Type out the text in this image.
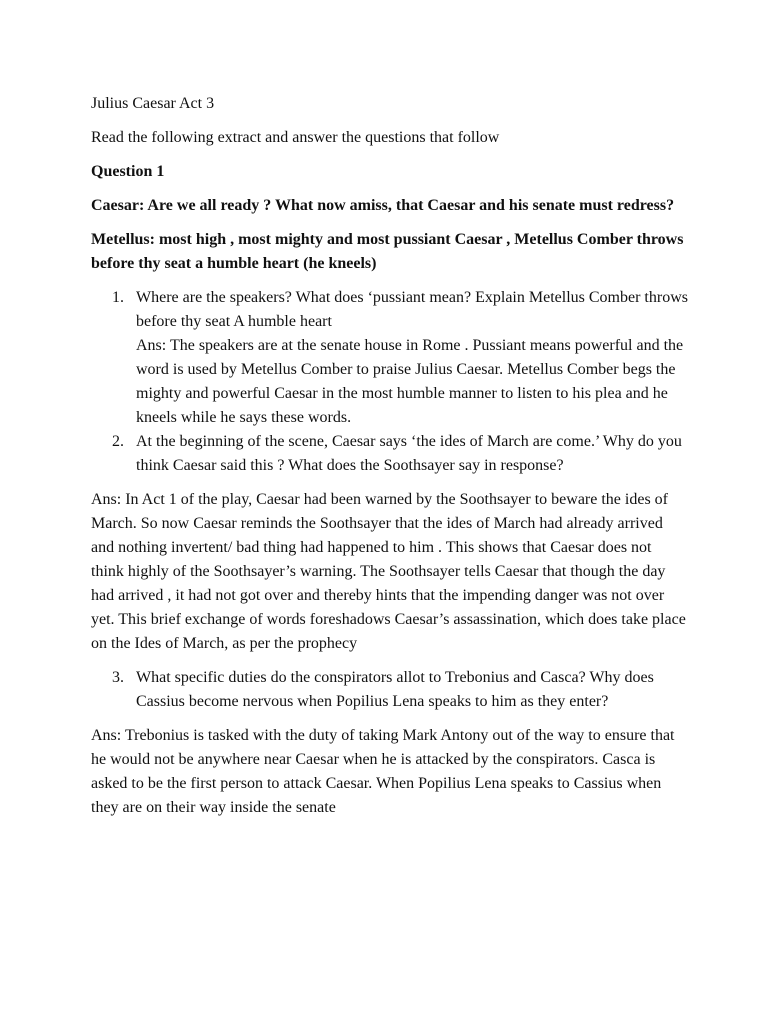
Julius Caesar Act 3

Read the following extract and answer the questions that follow

Question 1

Caesar: Are we all ready ? What now amiss, that Caesar and his senate must redress?

Metellus: most high , most mighty and most pussiant Caesar , Metellus Comber throws before thy seat a humble heart (he kneels)

1. Where are the speakers? What does ‘pussiant mean? Explain Metellus Comber throws before thy seat A humble heart
Ans: The speakers are at the senate house in Rome . Pussiant means powerful and the word is used by Metellus Comber to praise Julius Caesar. Metellus Comber begs the mighty and powerful Caesar in the most humble manner to listen to his plea and he kneels while he says these words.
2. At the beginning of the scene, Caesar says ‘the ides of March are come.’ Why do you think Caesar said this ? What does the Soothsayer say in response?

Ans: In Act 1 of the play, Caesar had been warned by the Soothsayer to beware the ides of March. So now Caesar reminds the Soothsayer that the ides of March had already arrived and nothing invertent/ bad thing had happened to him . This shows that Caesar does not think highly of the Soothsayer’s warning. The Soothsayer tells Caesar that though the day had arrived , it had not got over and thereby hints that the impending danger was not over yet. This brief exchange of words foreshadows Caesar’s assassination, which does take place on the Ides of March, as per the prophecy

3. What specific duties do the conspirators allot to Trebonius and Casca? Why does Cassius become nervous when Popilius Lena speaks to him as they enter?

Ans: Trebonius is tasked with the duty of taking Mark Antony out of the way to ensure that he would not be anywhere near Caesar when he is attacked by the conspirators. Casca is asked to be the first person to attack Caesar. When Popilius Lena speaks to Cassius when they are on their way inside the senate
